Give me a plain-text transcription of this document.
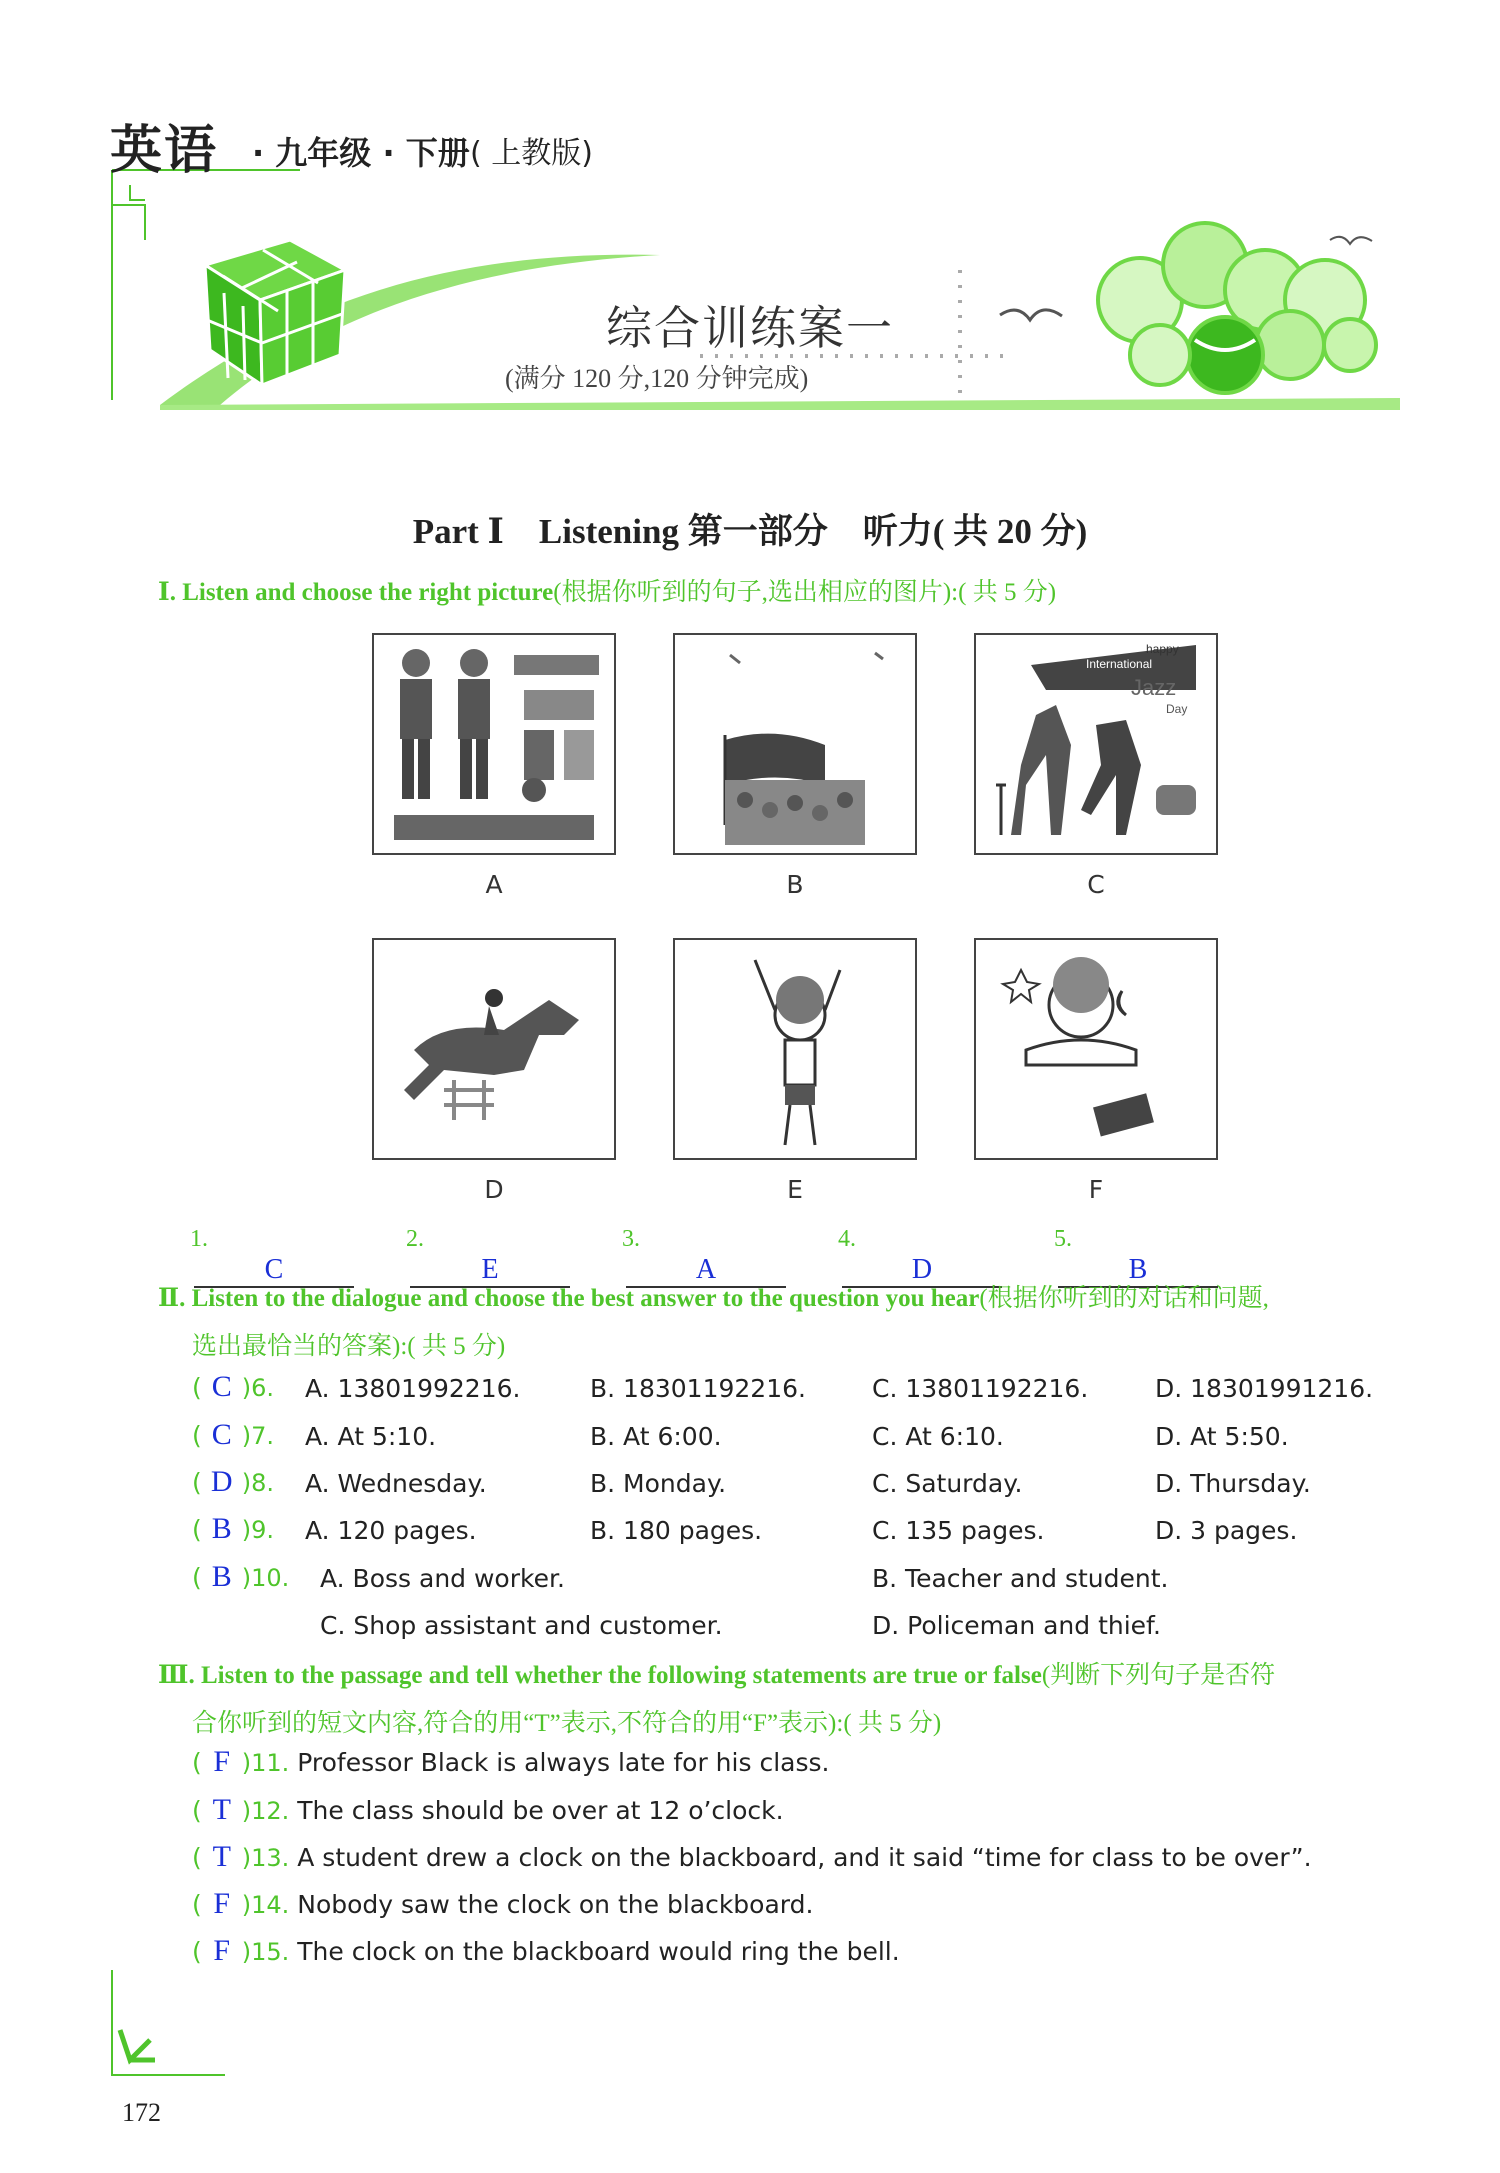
英语 · 九年级 · 下册 ( 上教版)
综合训练案一
(满分 120 分,120 分钟完成)
Part Ⅰ　Listening 第一部分　听力( 共 20 分)
Ⅰ. Listen and choose the right picture(根据你听到的句子,选出相应的图片):( 共 5 分)
A	B
happy
International
Jazz
Day
C
D	E	F
1.C
2.E
3.A
4.D
5.B
Ⅱ. Listen to the dialogue and choose the best answer to the question you hear(根据你听到的对话和问题,
选出最恰当的答案):( 共 5 分)
( C )6. A. 13801992216.	B. 18301192216.	C. 13801192216.	D. 18301991216.
( C )7. A. At 5:10.	B. At 6:00.	C. At 6:10.	D. At 5:50.
( D )8. A. Wednesday.	B. Monday.	C. Saturday.	D. Thursday.
( B )9. A. 120 pages.	B. 180 pages.	C. 135 pages.	D. 3 pages.
( B )10. A. Boss and worker.	B. Teacher and student.
C. Shop assistant and customer.	D. Policeman and thief.
Ⅲ. Listen to the passage and tell whether the following statements are true or false(判断下列句子是否符
合你听到的短文内容,符合的用“T”表示,不符合的用“F”表示):( 共 5 分)
( F )11. Professor Black is always late for his class.
( T )12. The class should be over at 12 o’clock.
( T )13. A student drew a clock on the blackboard, and it said “time for class to be over”.
( F )14. Nobody saw the clock on the blackboard.
( F )15. The clock on the blackboard would ring the bell.
172
